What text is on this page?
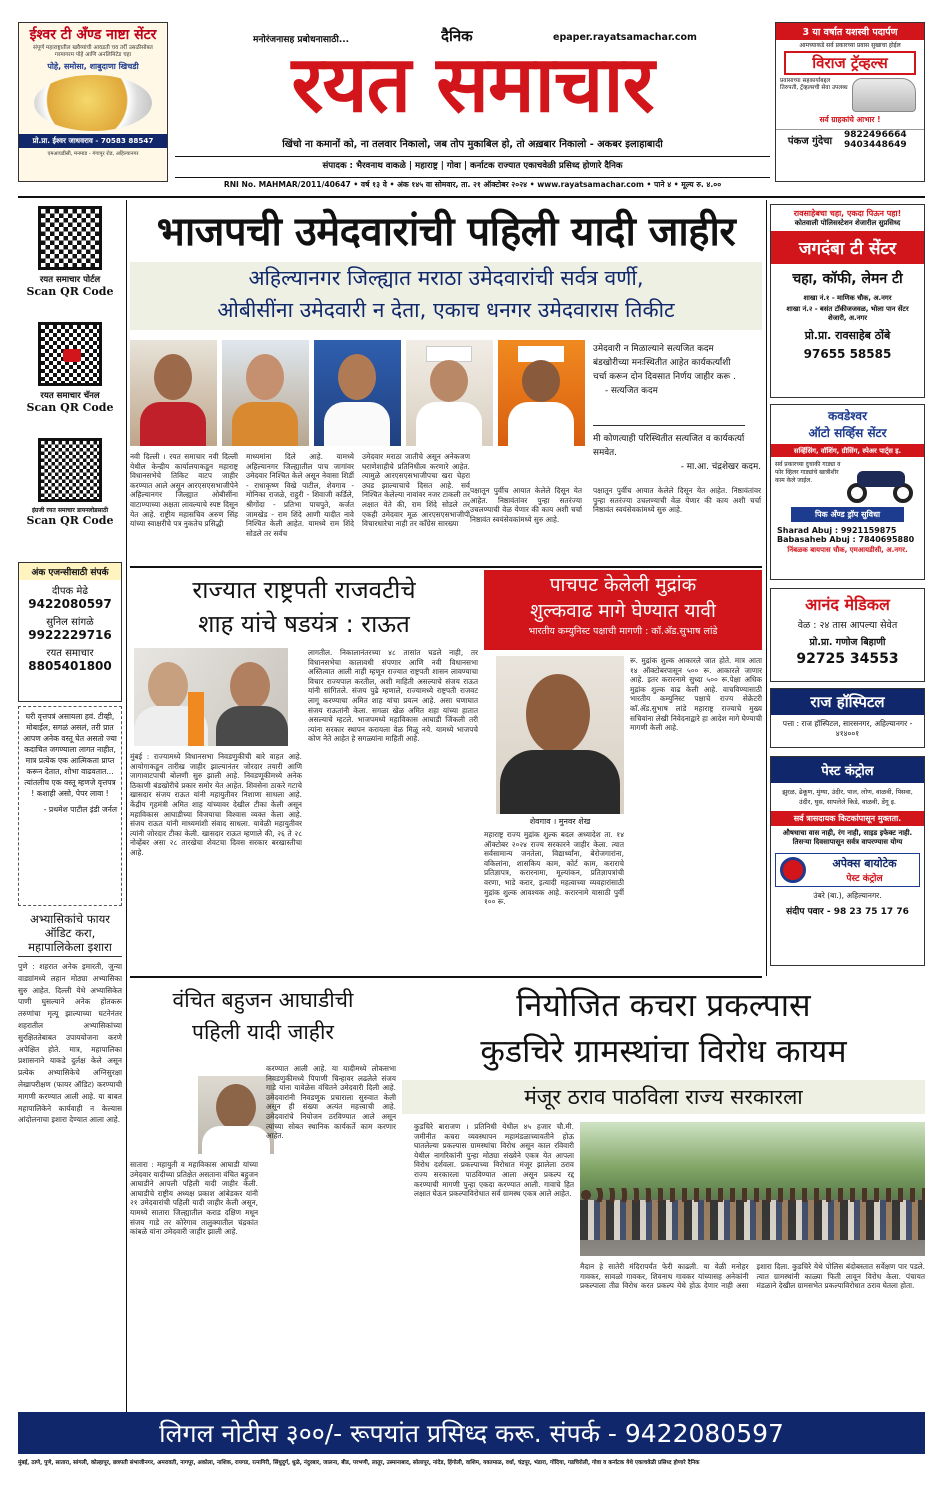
ईश्वर टी अँण्ड नाष्टा सेंटर
संपूर्ण महाराष्ट्रातील खवैय्यांची आवडती चव तर्री उसळीसोबत गरमागरम पोहे आणि अनलिमिटेड चहा
पोहे, समोसा, शाबुदाणा खिचडी
प्रो.प्रा. ईश्वर जाधवराव - 70583 88547
एमआयडीसी, मनमाड - गंगापूर रोड, अहिल्यानगर
मनोरंजनासह प्रबोधनासाठी...	दैनिक	epaper.rayatsamachar.com
रयत समाचार
खिंचो ना कमानों को, ना तलवार निकालो, जब तोप मुकाबिल हो, तो अख़बार निकालो - अकबर इलाहाबादी
3 या वर्षात यशस्वी पदार्पण
आमच्याकडे सर्व प्रकारच्या प्रवास सुखाचा होईल
विराज ट्रॅव्हल्स
प्रवासाच्या सहकार्याबद्दल तिरुपती, ट्रॅव्हल्सची सेवा उपलब्ध
सर्व ग्राहकांचे आभार !
पंकज गुंदेचा
9822496664
9403448649
संपादक : भैरवनाथ वाकळे | महाराष्ट्र | गोवा | कर्नाटक राज्यात एकाचवेळी प्रसिध्द होणारे दैनिक
RNI No. MAHMAR/2011/40647 • वर्ष १३ वे • अंक १४५ वा सोमवार, ता. २१ ऑक्टोबर २०२४ • www.rayatsamachar.com • पाने ४ • मूल्य रु. ४.००
रयत समाचार पोर्टल
Scan QR Code
रयत समाचार चॅनल
Scan QR Code
इंग्रजी रयत समाचार डायनलोडसाठी
Scan QR Code
अंक एजन्सीसाठी संपर्क
दीपक मेढे
9422080597
सुनिल सांगळे
9922229716
रयत समाचार
8805401800
घरी वृत्तपत्रं असायला हवं. टीव्ही, मोबाईल, सगळं असलं, तरी प्रात आपण अनेक वस्तू घेत असतो ज्या कदाचित जगण्याला लागत नाहीत, मात्र प्रत्येक एक आत्मिकता प्राप्त करून देतात, शोभा वाढवतात... त्यांतलीच एक वस्तू म्हणजे वृत्तपत्र ! कशाही असो, पेपर लावा !
- प्रथमेश पाटील इंडी जर्नल
अभ्यासिकांचे फायर ऑडिट करा,
महापालिकेला इशारा
पुणे : शहरात अनेक इमारती, जुन्या वाड्यांमध्ये लहान मोठ्या अभ्यासिका सुरु आहेत. दिल्ली येथे अभ्यासिकेत पाणी घुसल्याने अनेक होतकरू तरुणांचा मृत्यू झाल्याच्या घटनेनंतर शहरातील अभ्यासिकांच्या सुरक्षिततेबाबत उपाययोजना करणे अपेक्षित होते. मात्र, महापालिका प्रशासनाने याकडे दुर्लक्ष केले असून प्रत्येक अभ्यासिकेचे अग्निसुरक्षा लेखापरीक्षण (फायर ऑडिट) करण्याची मागणी करण्यात आली आहे. या बाबत महापालिकेने कार्यवाही न केल्यास आंदोलनाचा इशारा देण्यात आला आहे.
भाजपची उमेदवारांची पहिली यादी जाहीर
अहिल्यानगर जिल्ह्यात मराठा उमेदवारांची सर्वत्र वर्णी,
ओबीसींना उमेदवारी न देता, एकाच धनगर उमेदवारास तिकीट
उमेदवारी न मिळाल्याने सत्यजित कदम बंडखोरीच्या मनःस्थितीत आहेत कार्यकर्त्यांशी चर्चा करून दोन दिवसात निर्णय जाहीर करू .
- सत्यजित कदम
मी कोणत्याही परिस्थितीत सत्यजित व कार्यकर्त्या समवेत.
- मा.आ. चंद्रशेखर कदम.
नवी दिल्ली । रयत समाचार नवी दिल्ली येथील केन्द्रीय कार्यालयाकडून महाराष्ट्र विधानसभेचे तिकिट वाटप जाहीर करण्यात आले असून आरएसएसभाजीपेने अहिल्यानगर जिल्ह्यात ओबीसींना वाटाण्याच्या अक्षता लावल्याचे स्पष्ट दिसून येत आहे. राष्ट्रीय महासचिव अरुण सिंह यांच्या स्वाक्षरीचे पत्र नुकतेच प्रसिद्धी
माध्यमांना दिले आहे. यामध्ये अहिल्यानगर जिल्ह्यातील पाच जागांवर उमेदवार निश्चित केले असून नेवासा शिर्डी - राधाकृष्ण विखे पाटील, शेवगाव - मोनिका राजळे, राहुरी - शिवाजी कर्डिले, श्रीगोंदा - प्रतिभा पाचपुते, कर्जत जामखेड - राम शिंदे आणी यादीत नावे निश्चित केली आहेत. यामध्ये राम शिंदे सोडले तर सर्वच
उमेदवार मराठा जातीचे असून अनेकजण घराणेशाहीचे प्रतिनिधीत्व करणारे आहेत. त्यामुळे आरएसएसभाजीपचा खरा चेहरा उघड झाल्याचाचे दिसत आहे. सर्व निश्चित केलेल्या नावांवर नजर टाकली तर लक्षात येते की, राम शिंदे सोडले तर एकही उमेदवार मूळ आरएसएसभाजीपी विचारधारेचा नाही तर काँग्रेस सारख्या
पक्षातून पुर्वीच आयात केलेले दिसून येत आहेत. निष्ठावंतांवर पुन्हा सतरंज्या उचलण्याची वेळ येणार की काय अशी चर्चा निष्ठावंत स्वयंसेवकांमध्ये सुरु आहे.
पक्षातून पुर्वीच आयात केलेले दिसून येत आहेत. निष्ठावंतांवर पुन्हा सतरंज्या उचलण्याची वेळ येणार की काय अशी चर्चा निष्ठावंत स्वयंसेवकांमध्ये सुरु आहे.
राज्यात राष्ट्रपती राजवटीचे
शाह यांचे षडयंत्र : राऊत
मुंबई : राज्यामध्ये विधानसभा निवडणुकीची बारे वाहत आहे. आयोगाकडून तारीख जाहीर झाल्यानंतर जोरदार तयारी आणि जागावाटपाची बोलणी सुरु झाली आहे. निवडणूकीमध्ये अनेक ठिकाणी बंडखोरीचे प्रकार समोर येत आहेत. शिवसेना ठाकरे गटाचे खासदार संजय राऊत यांनी महायुतीवर निशाणा साधला आहे. केंद्रीय गृहमंत्री अमित शाह यांच्यावर देखील टीका केली असून महाविकास आघाडीच्या विजयाचा विश्वास व्यक्त केला आहे. संजय राऊत यांनी माध्यमांशी संवाद साधला. यावेळी महायुतीवर त्यांनी जोरदार टीका केली. खासदार राऊत म्हणाले की, २६ ते २८ नोव्हेंबर असा २८ तारखेचा शेवटचा दिवस सरकार बरखास्तीचा आहे.
लागतील. निकालानंतरच्या ४८ तासांत घडले नाही, तर विधानसभेचा कालावधी संपणार आणि नवी विधानसभा अस्तित्वात आली नाही म्हणून राज्यात राष्ट्रपती शासन लावण्याचा विचार राज्यपाल करतील, अशी माहिती असल्याचे संजय राऊत यांनी सांगितले. संजय पुढे म्हणाले, राज्यामध्ये राष्ट्रपती राजवट लागू करण्याचा अमित शाह यांचा प्रयत्न आहे. असा घणाघात संजय राऊतांनी केला. सगळा खेळ अमित शहा यांच्या हातात असल्याचे म्हटले. भाजपमध्ये महाविकास आघाडी जिंकली तरी त्यांना सरकार स्थापन करायला वेळ मिळू नये. यामध्ये भाजपचे कोण नेते आहेत हे सगळ्यांना माहिती आहे.
पाचपट केलेली मुद्रांक
शुल्कवाढ मागे घेण्यात यावी
भारतीय कम्युनिस्ट पक्षाची मागणी : कॉ.अ‍ॅड.सुभाष लांडे
शेवगाव । मुनवर शेख
महाराष्ट्र राज्य मुद्रांक शुल्क बदल अध्यादेश ता. १४ ऑक्टोबर २०२४ राज्य सरकारने जाहीर केला. त्यात सर्वसामान्य जनतेला, विद्यार्थ्यांना, बेरोजगारांना, वकिलांना, शासकिय काम, कोर्ट काम, कराराचे प्रतिज्ञापत्र, करारनामा, मूल्यांकन, प्रतिज्ञापत्रांची वरणा, भाडे करार, इत्यादी महत्वाच्या व्यवहारांसाठी मुद्रांक शुल्क आवश्यक आहे. करारनामे यासाठी पुर्वी १०० रू.
रू. मुद्रांक शुल्क आकारले जात होते. मात्र आता १४ ऑक्टोबरपासून ५०० रू. आकारले जाणार आहे. इतर करारनामे सुध्दा ५०० रू.पेक्षा अधिक मुद्रांक शुल्क वाढ केली आहे. वाचविण्यासाठी भारतीय कम्युनिस्ट पक्षाचे राज्य सेक्रेटरी कॉ.ॲड.सुभाष लांडे महाराष्ट्र राज्याचे मुख्य सचिवांना लेखी निवेदनाद्वारे हा आदेश मागे घेण्याची मागणी केली आहे.
वंचित बहुजन आघाडीची
पहिली यादी जाहीर
सातारा : महायुती व महाविकास आघाडी यांच्या उमेदवार यादीच्या प्रतिक्षेत असताना वंचित बहुजन आघाडीने आपली पहिली यादी जाहीर केली. आघाडीचे राष्ट्रीय अध्यक्ष प्रकाश आंबेडकर यांनी २१ उमेदवारांची पहिली यादी जाहीर केली असून, यामध्ये सातारा जिल्ह्यातील कराड दक्षिण मधून संजय गाडे तर कोरेगाव तालुक्यातील चंद्रकांत कांबळे यांना उमेदवारी जाहीर झाली आहे.
करण्यात आली आहे. या यादीमध्ये लोकसभा निवडणुकीमध्ये पिपाणी चिन्हावर लढलेले संजय गाडे यांना यावेळेस वंचितने उमेदवारी दिली आहे. उमेदवारांनी निवडणूक प्रचाराला सुरुवात केली असून ही संख्या अत्यंत महत्त्वाची आहे. उमेदवारांचे नियोजन ठरविण्यात आले असून त्यांच्या सोबत स्थानिक कार्यकर्ते काम करणार आहेत.
नियोजित कचरा प्रकल्पास
कुडचिरे ग्रामस्थांचा विरोध कायम
मंजूर ठराव पाठविला राज्य सरकारला
कुडचिरे बाराजण । प्रतिनिधी येथील ४५ हजार चौ.मी. जमीनीत कचरा व्यवस्थापन महामंडळाच्यावतीने होऊ घातलेल्या प्रकल्पास ग्रामस्थांचा विरोध असून काल रविवारी येथील नागरिकांनी पुन्हा मोठ्या संख्येने एकत्र येत आपला विरोध दर्शवला. प्रकल्पाच्या विरोधात मंजूर झालेला ठराव राज्य सरकारला पाठविण्यात आला असून प्रकल्प रद्द करण्याची मागणी पुन्हा एकदा करण्यात आली. गावाचे हित लक्षात घेऊन प्रकल्पाविरोधात सर्व ग्रामस्थ एकत्र आले आहेत.
मैदान हे सातेरी मंदिरापर्यंत फेरी काढली. या वेळी मनोहर गावकर, सावळो गावकर, शिवनाथ गावकर यांच्यासह अनेकांनी प्रकल्पाला तीव्र विरोध करत प्रकल्प येथे होऊ देणार नाही असा इशारा दिला. कुडचिरे येथे पोलिस बंदोबस्तात सर्वेक्षण पार पडले. त्यात ग्रामस्थांनी काळ्या फिती लावून विरोध केला. पंचायत मंडळाने देखील ग्रामसभेत प्रकल्पाविरोधात ठराव घेतला होता.
रावसाहेबचा चहा, एकदा पिऊन पहा!
कोतवाली पोलिसस्टेशन शेजारील सुप्रसिध्द
जगदंबा टी सेंटर
चहा, कॉफी, लेमन टी
शाखा नं.१ - माणिक चौक, अ.नगर
शाखा नं.२ - बसंत टॉकीजजवळ, भोला पान सेंटर शेजारी, अ.नगर
प्रो.प्रा. रावसाहेब ठोंबे
97655 58585
कवडेश्वर
ऑटो सर्व्हिस सेंटर
सर्व्हिसिंग, वॉशिंग, ग्रीसिंग, स्पेअर पार्ट्स इ.
सर्व प्रकारच्या दुचाकी गाड्या व फोर व्हिलर गाड्यांचे खात्रीशीर काम केले जाईल.
पिक अँण्ड ड्रॉप सुविधा
Sharad Abuj : 9921159875
Babasaheb Abuj : 7840695880
निंबळक बायपास चौक, एमआयडीसी, अ.नगर.
आनंद मेडिकल
वेळ : २४ तास आपल्या सेवेत
प्रो.प्रा. गणोज बिहाणी
92725 34553
राज हॉस्पिटल
पत्ता : राज हॉस्पिटल, सारसनगर, अहिल्यानगर - ४१४००१
पेस्ट कंट्रोल
झुरळ, ढेकूण, मुंग्या, उंदीर, पाल, लोण, वाळवी, पिसवा, उंदीर, घुस, सापलेले किडे, वाळवी, डेंगू इ.
सर्व त्रासदायक किटकांपासून मुक्तता.
औषधाचा वास नाही, रंग नाही, साइड इफेक्ट नाही.
तिसऱ्या दिवसापासून सर्वत्र वापरण्यास योग्य
अपेक्स बायोटेक
पेस्ट कंट्रोल
उंबरे (बा.), अहिल्यानगर.
संदीप पवार - 98 23 75 17 76
लिगल नोटीस ३००/- रूपयांत प्रसिध्द करू. संपर्क - 9422080597
मुंबई, ठाणे, पुणे, सातारा, सांगली, कोल्हापूर, छत्रपती संभाजीनगर, अमरावती, नागपूर, अकोला, नाशिक, रायगड, रत्नागिरी, सिंधुदुर्ग, धुळे, नंदुरबार, जालना, बीड, परभणी, लातूर, उस्मानाबाद, सोलापूर, नांदेड, हिंगोली, वाशिम, यवतमाळ, वर्धा, चंद्रपूर, भंडारा, गोंदिया, गडचिरोली, गोवा व कर्नाटक येथे एकाचवेळी प्रसिध्द होणारे दैनिक
